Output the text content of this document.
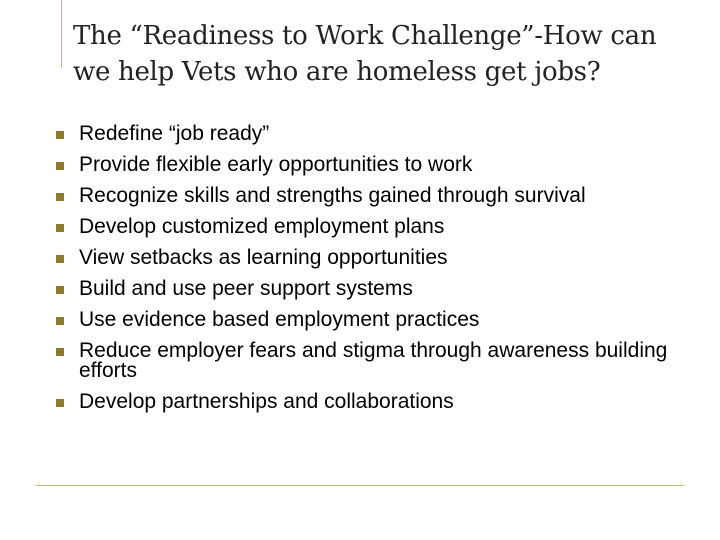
The “Readiness to Work Challenge”-How can we help Vets who are homeless get jobs?
Redefine “job ready”
Provide flexible early opportunities to work
Recognize skills and strengths gained through survival
Develop customized employment plans
View setbacks as learning opportunities
Build and use peer support systems
Use evidence based employment practices
Reduce employer fears and stigma through awareness building efforts
Develop partnerships and collaborations
